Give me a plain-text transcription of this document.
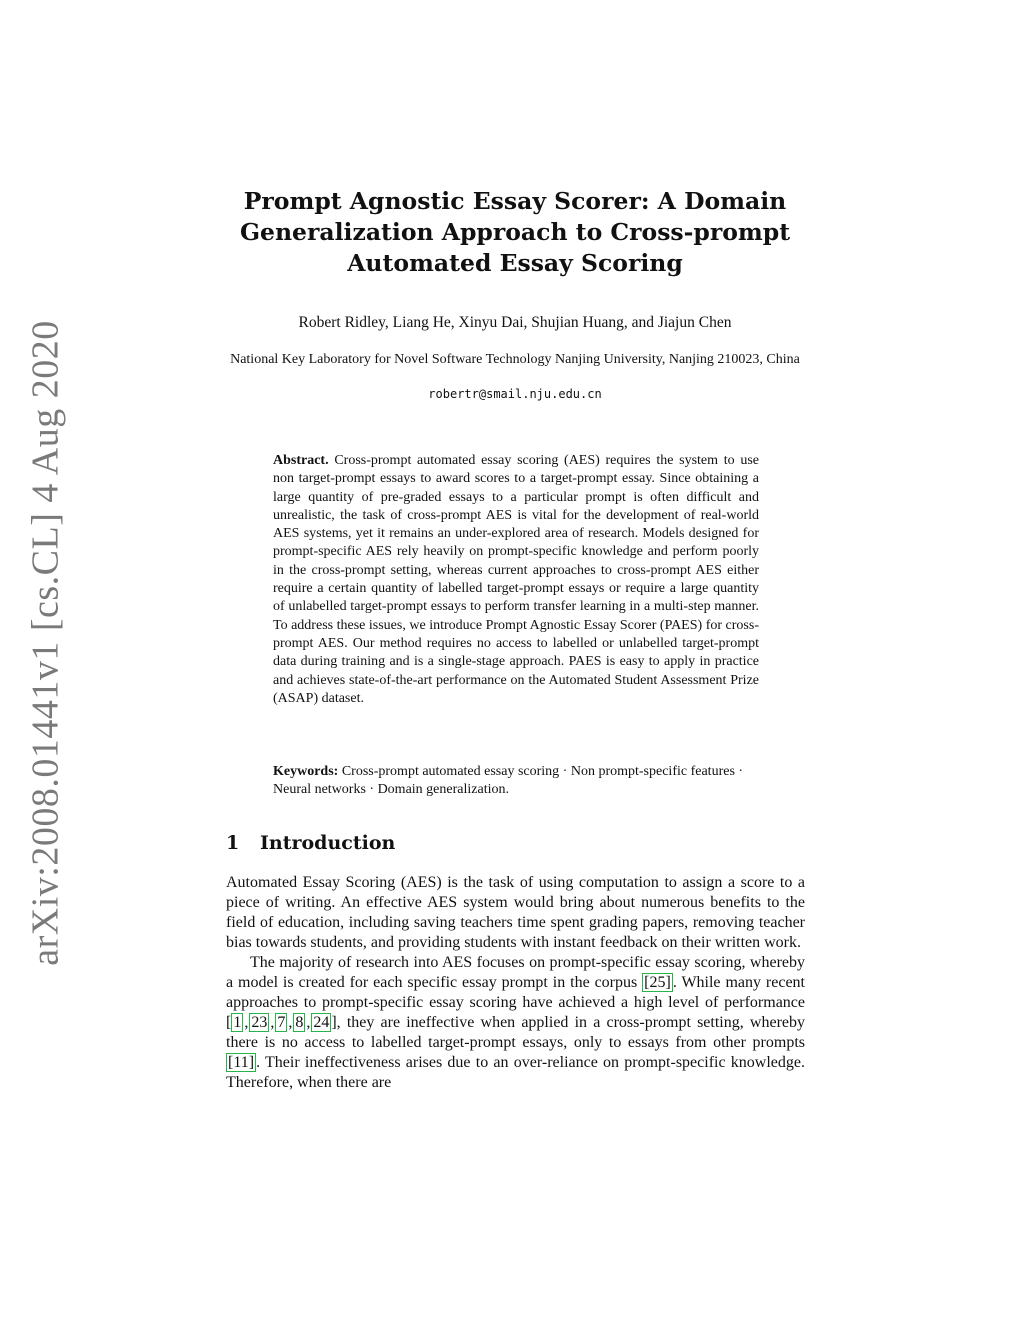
arXiv:2008.01441v1 [cs.CL] 4 Aug 2020
Prompt Agnostic Essay Scorer: A Domain Generalization Approach to Cross-prompt Automated Essay Scoring
Robert Ridley, Liang He, Xinyu Dai, Shujian Huang, and Jiajun Chen
National Key Laboratory for Novel Software Technology Nanjing University, Nanjing 210023, China
robertr@smail.nju.edu.cn
Abstract. Cross-prompt automated essay scoring (AES) requires the system to use non target-prompt essays to award scores to a target-prompt essay. Since obtaining a large quantity of pre-graded essays to a particular prompt is often difficult and unrealistic, the task of cross-prompt AES is vital for the development of real-world AES systems, yet it remains an under-explored area of research. Models designed for prompt-specific AES rely heavily on prompt-specific knowledge and perform poorly in the cross-prompt setting, whereas current approaches to cross-prompt AES either require a certain quantity of labelled target-prompt essays or require a large quantity of unlabelled target-prompt essays to perform transfer learning in a multi-step manner. To address these issues, we introduce Prompt Agnostic Essay Scorer (PAES) for cross-prompt AES. Our method requires no access to labelled or unlabelled target-prompt data during training and is a single-stage approach. PAES is easy to apply in practice and achieves state-of-the-art performance on the Automated Student Assessment Prize (ASAP) dataset.
Keywords: Cross-prompt automated essay scoring · Non prompt-specific features · Neural networks · Domain generalization.
1 Introduction

Automated Essay Scoring (AES) is the task of using computation to assign a score to a piece of writing. An effective AES system would bring about numerous benefits to the field of education, including saving teachers time spent grading papers, removing teacher bias towards students, and providing students with instant feedback on their written work.

The majority of research into AES focuses on prompt-specific essay scoring, whereby a model is created for each specific essay prompt in the corpus [25] . While many recent approaches to prompt-specific essay scoring have achieved a high level of performance [ 1 , 23 , 7 , 8 , 24 ], they are ineffective when applied in a cross-prompt setting, whereby there is no access to labelled target-prompt essays, only to essays from other prompts [11] . Their ineffectiveness arises due to an over-reliance on prompt-specific knowledge. Therefore, when there are
